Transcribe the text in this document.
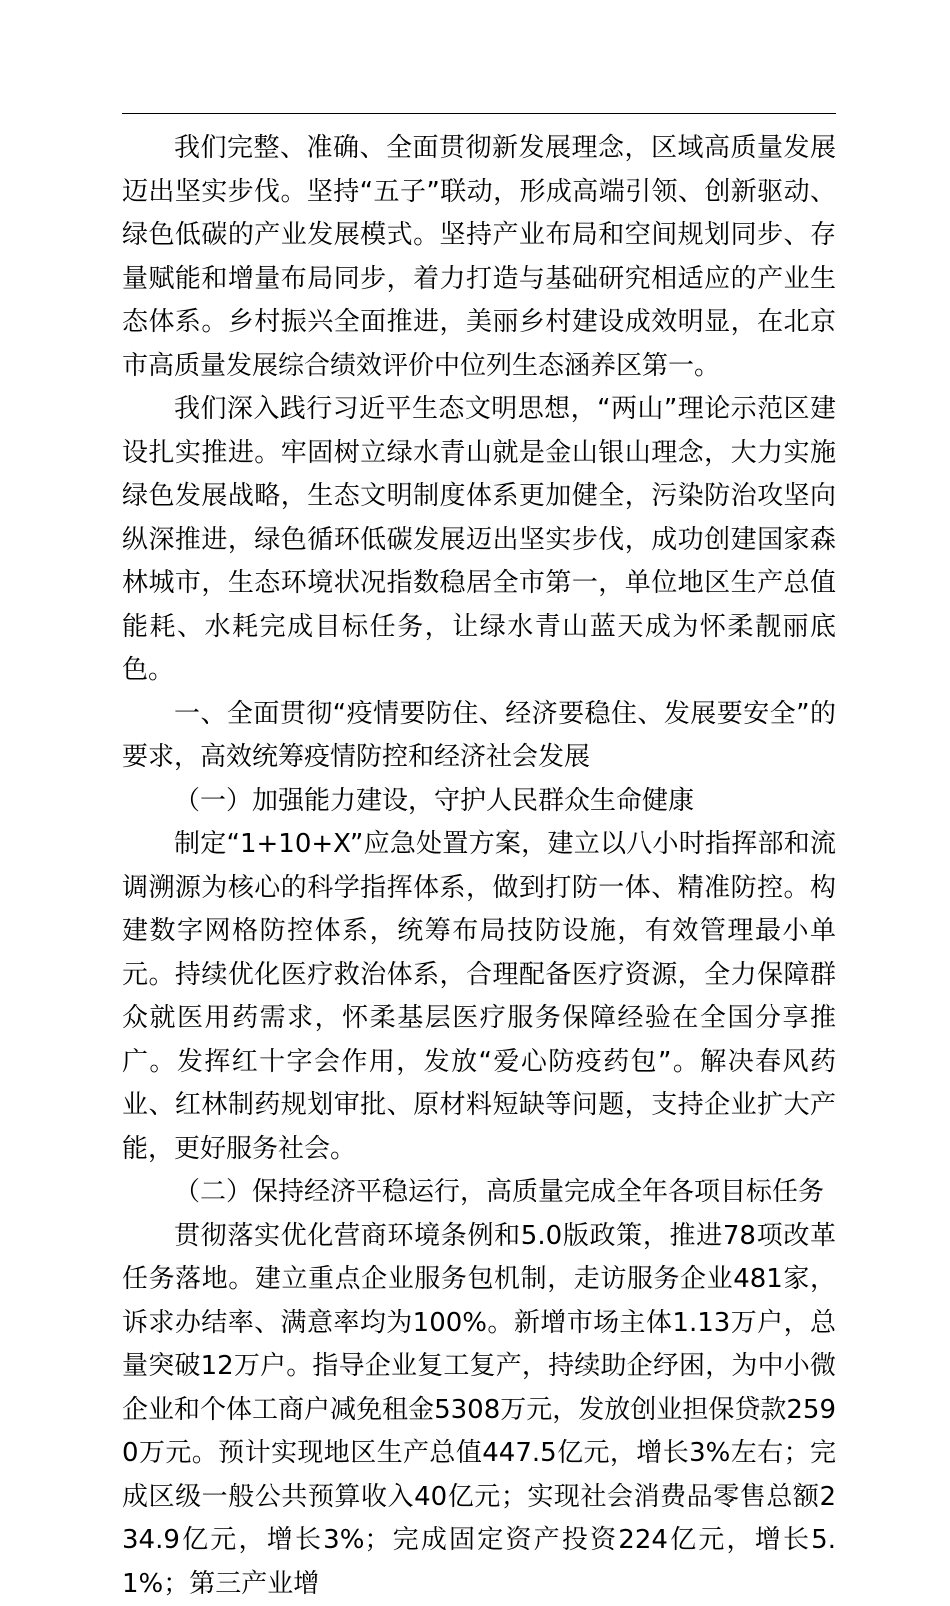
我们完整、准确、全面贯彻新发展理念，区域高质量发展迈出坚实步伐。坚持“五子”联动，形成高端引领、创新驱动、绿色低碳的产业发展模式。坚持产业布局和空间规划同步、存量赋能和增量布局同步，着力打造与基础研究相适应的产业生态体系。乡村振兴全面推进，美丽乡村建设成效明显，在北京市高质量发展综合绩效评价中位列生态涵养区第一。

我们深入践行习近平生态文明思想，“两山”理论示范区建设扎实推进。牢固树立绿水青山就是金山银山理念，大力实施绿色发展战略，生态文明制度体系更加健全，污染防治攻坚向纵深推进，绿色循环低碳发展迈出坚实步伐，成功创建国家森林城市，生态环境状况指数稳居全市第一，单位地区生产总值能耗、水耗完成目标任务，让绿水青山蓝天成为怀柔靓丽底色。

一、全面贯彻“疫情要防住、经济要稳住、发展要安全”的要求，高效统筹疫情防控和经济社会发展

（一）加强能力建设，守护人民群众生命健康

制定“1+10+X”应急处置方案，建立以八小时指挥部和流调溯源为核心的科学指挥体系，做到打防一体、精准防控。构建数字网格防控体系，统筹布局技防设施，有效管理最小单元。持续优化医疗救治体系，合理配备医疗资源，全力保障群众就医用药需求，怀柔基层医疗服务保障经验在全国分享推广。发挥红十字会作用，发放“爱心防疫药包”。解决春风药业、红林制药规划审批、原材料短缺等问题，支持企业扩大产能，更好服务社会。

（二）保持经济平稳运行，高质量完成全年各项目标任务

贯彻落实优化营商环境条例和5.0版政策，推进78项改革任务落地。建立重点企业服务包机制，走访服务企业481家，诉求办结率、满意率均为100%。新增市场主体1.13万户，总量突破12万户。指导企业复工复产，持续助企纾困，为中小微企业和个体工商户减免租金5308万元，发放创业担保贷款2590万元。预计实现地区生产总值447.5亿元，增长3%左右；完成区级一般公共预算收入40亿元；实现社会消费品零售总额234.9亿元，增长3%；完成固定资产投资224亿元，增长5.1%；第三产业增
